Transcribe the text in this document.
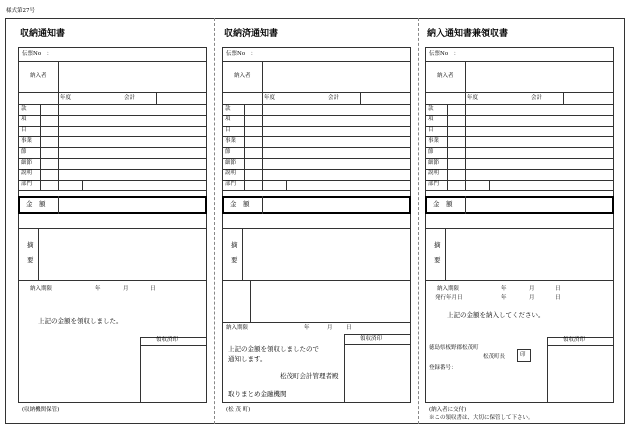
様式第27号
収納通知書
伝票No　：
納入者
年度	会計
款
項
目
事業
節
細節
説明
部門
金　額
摘
要
収納済通知書
伝票No　：
納入者
年度	会計
款
項
目
事業
節
細節
説明
部門
金　額
摘
要
納入通知書兼領収書
伝票No　：
納入者
年度	会計
款
項
目
事業
節
細節
説明
部門
金　額
摘
要
納入期限	年	月	日
上記の金額を領収しました。
領収済印
(収納機関保管)
納入期限	年	月 日
上記の金額を領収しましたので
通知します。
松茂町会計管理者殿
取りまとめ金融機関
領収済印
(松 茂 町)
納入期限	年	月	日
発行年月日	年	月	日
上記の金額を納入してください。
徳島県板野郡松茂町
松茂町長	印
登録番号：
領収済印
(納入者に交付)
※この領収書は、大切に保管して下さい。
